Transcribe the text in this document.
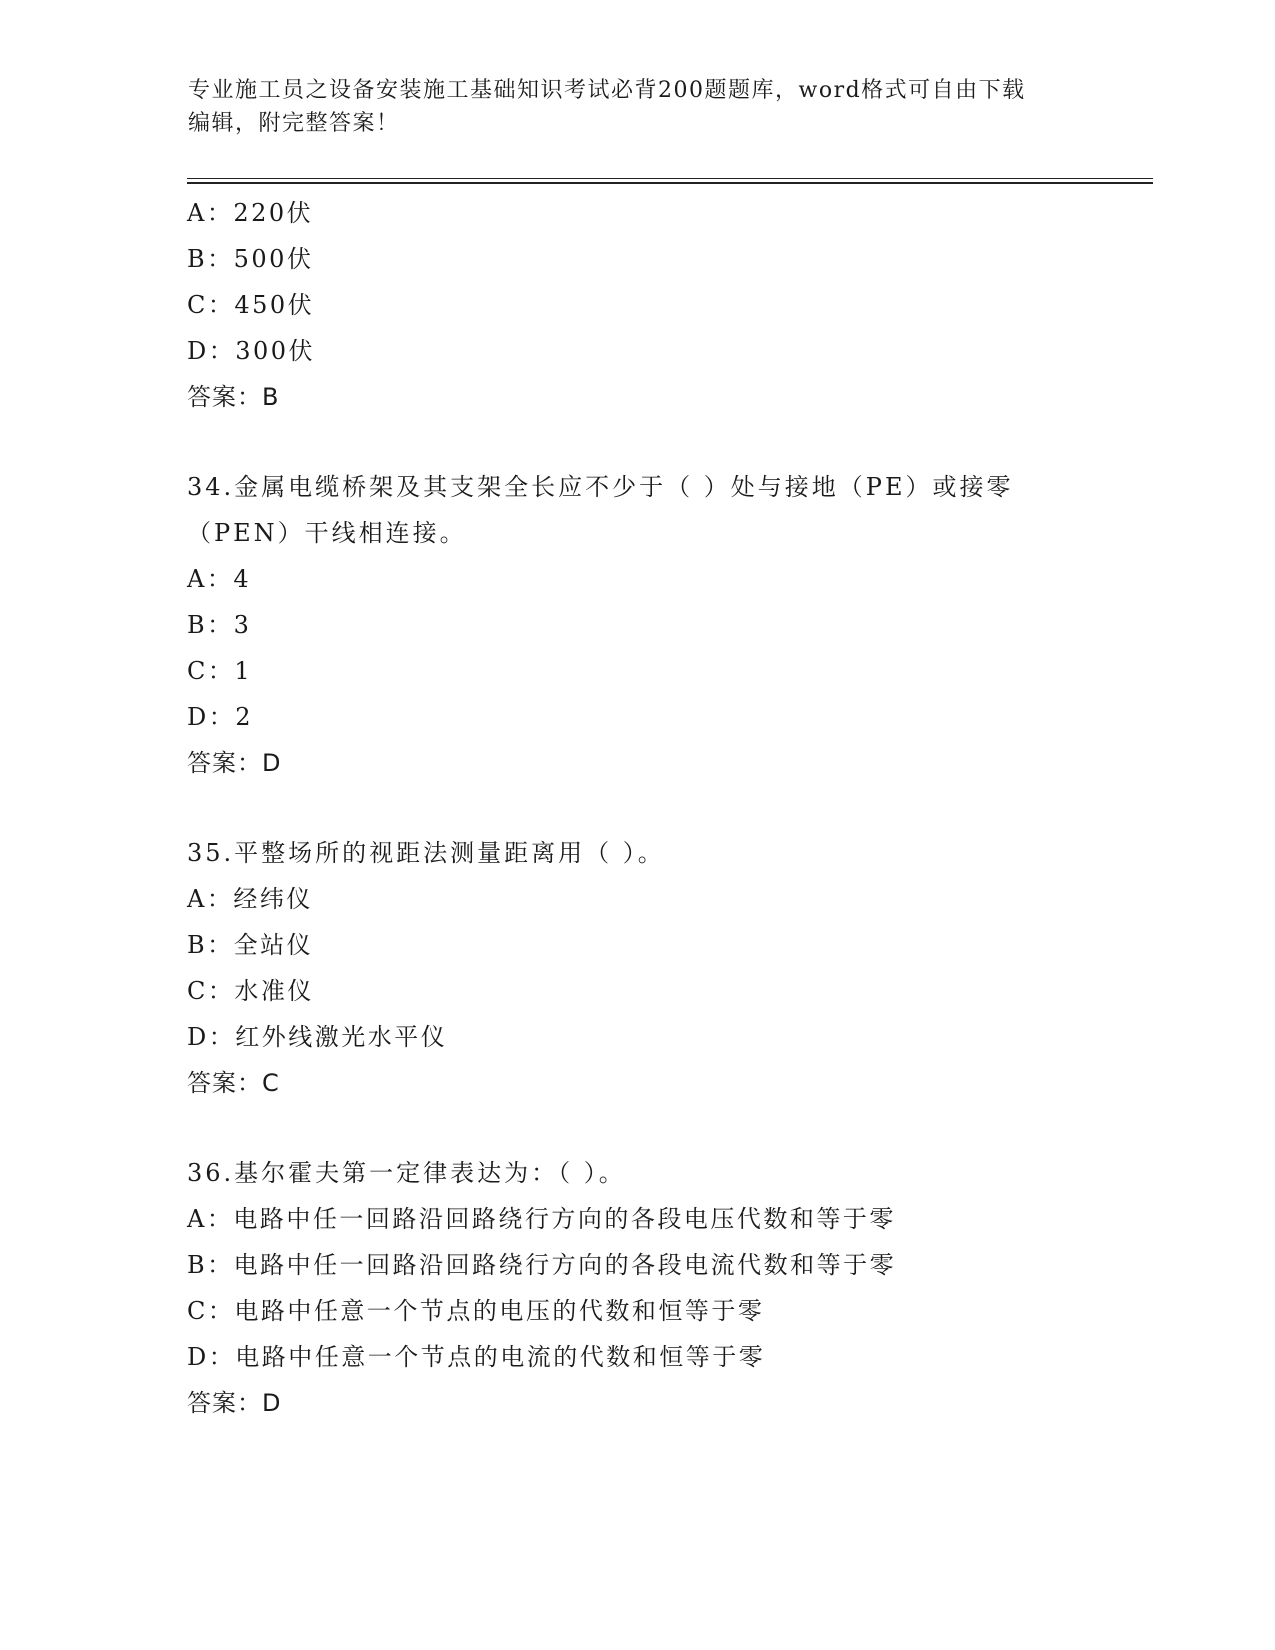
专业施工员之设备安装施工基础知识考试必背200题题库，word格式可自由下载
编辑，附完整答案！
A：220伏
B：500伏
C：450伏
D：300伏
答案：B
34.金属电缆桥架及其支架全长应不少于（ ）处与接地（PE）或接零
（PEN）干线相连接。
A：4
B：3
C：1
D：2
答案：D
35.平整场所的视距法测量距离用（ ）。
A：经纬仪
B：全站仪
C：水准仪
D：红外线激光水平仪
答案：C
36.基尔霍夫第一定律表达为：（ ）。
A：电路中任一回路沿回路绕行方向的各段电压代数和等于零
B：电路中任一回路沿回路绕行方向的各段电流代数和等于零
C：电路中任意一个节点的电压的代数和恒等于零
D：电路中任意一个节点的电流的代数和恒等于零
答案：D
